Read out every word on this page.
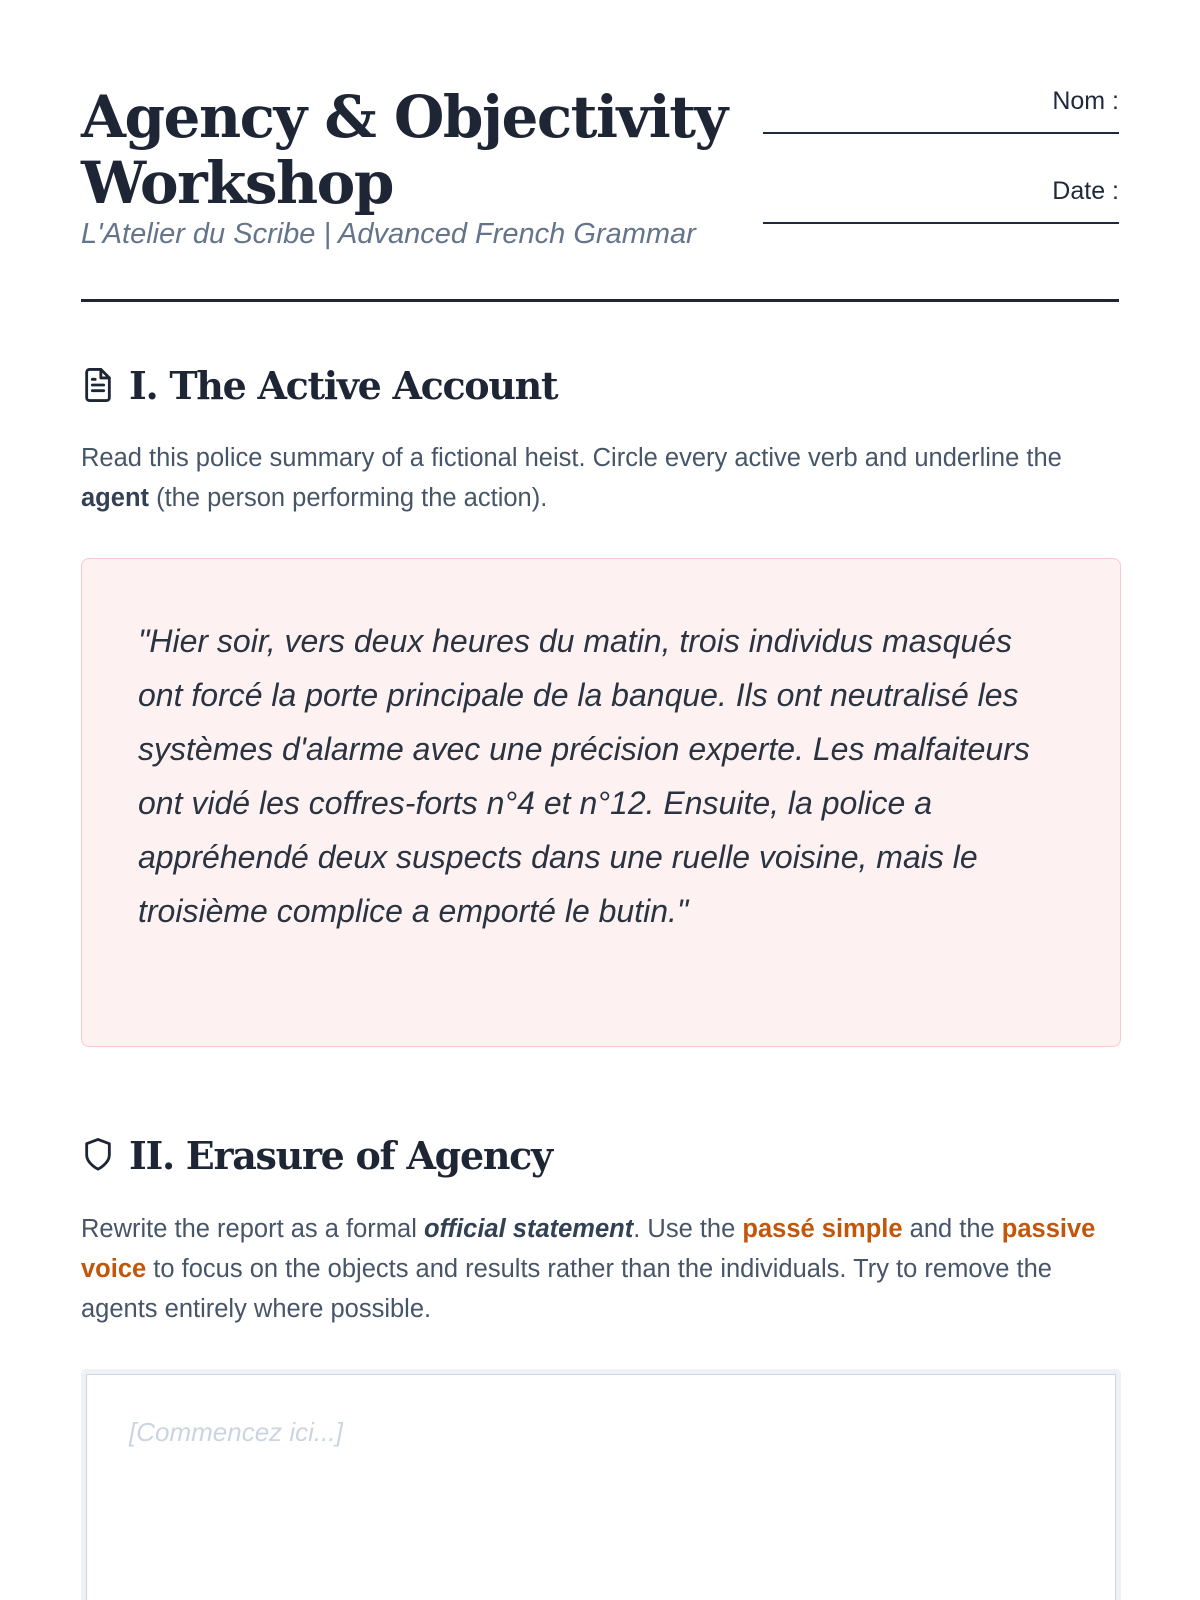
Agency & Objectivity Workshop
L'Atelier du Scribe | Advanced French Grammar
Nom :
Date :
I. The Active Account

Read this police summary of a fictional heist. Circle every active verb and underline the agent (the person performing the action).

"Hier soir, vers deux heures du matin, trois individus masqués ont forcé la porte principale de la banque. Ils ont neutralisé les systèmes d'alarme avec une précision experte. Les malfaiteurs ont vidé les coffres-forts n°4 et n°12. Ensuite, la police a appréhendé deux suspects dans une ruelle voisine, mais le troisième complice a emporté le butin."

II. Erasure of Agency

Rewrite the report as a formal official statement. Use the passé simple and the passive voice to focus on the objects and results rather than the individuals. Try to remove the agents entirely where possible.

[Commencez ici...]
